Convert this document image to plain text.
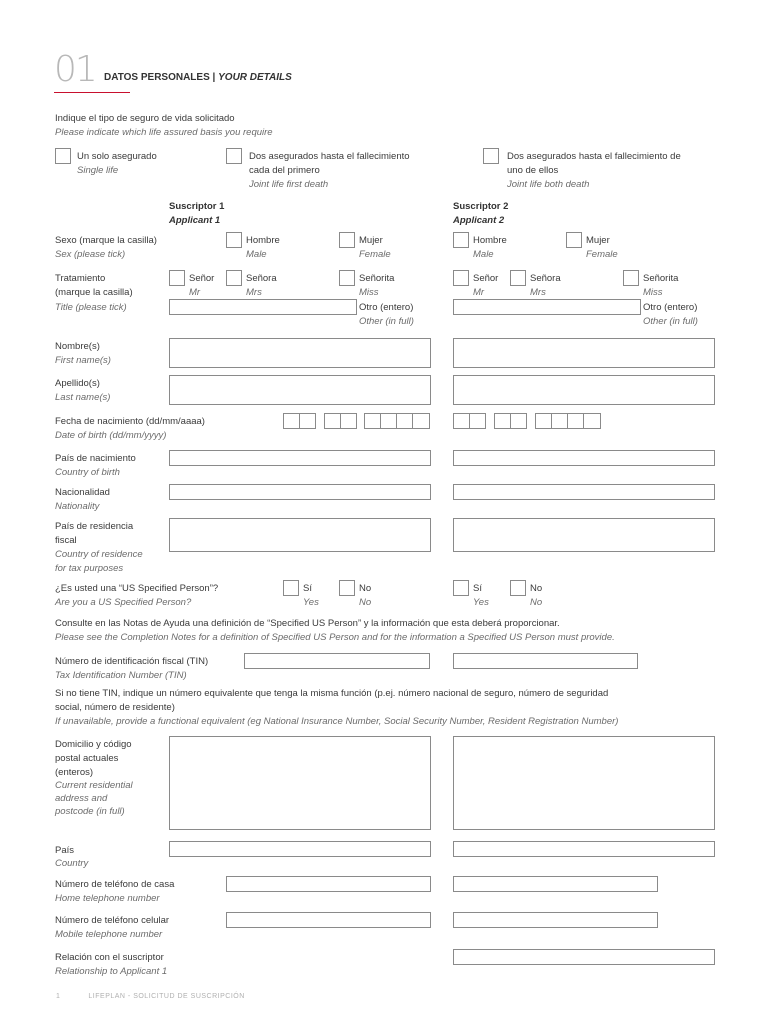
01 DATOS PERSONALES | YOUR DETAILS
Indique el tipo de seguro de vida solicitado
Please indicate which life assured basis you require
Un solo asegurado
Single life
Dos asegurados hasta el fallecimiento
cada del primero
Joint life first death
Dos asegurados hasta el fallecimiento de
uno de ellos
Joint life both death
Suscriptor 1
Applicant 1
Suscriptor 2
Applicant 2
Sexo (marque la casilla)
Sex (please tick)
Hombre
Male
Mujer
Female
Hombre
Male
Mujer
Female
Tratamiento
(marque la casilla)
Title (please tick)
Señor
Mr
Señora
Mrs
Señorita
Miss
Otro (entero)
Other (in full)
Señor
Mr
Señora
Mrs
Señorita
Miss
Otro (entero)
Other (in full)
Nombre(s)
First name(s)
Apellido(s)
Last name(s)
Fecha de nacimiento (dd/mm/aaaa)
Date of birth (dd/mm/yyyy)
País de nacimiento
Country of birth
Nacionalidad
Nationality
País de residencia
fiscal
Country of residence
for tax purposes
¿Es usted una “US Specified Person”?
Are you a US Specified Person?
Sí
Yes
No
No
Sí
Yes
No
No
Consulte en las Notas de Ayuda una definición de “Specified US Person” y la información que esta deberá proporcionar.
Please see the Completion Notes for a definition of Specified US Person and for the information a Specified US Person must provide.
Número de identificación fiscal (TIN)
Tax Identification Number (TIN)
Si no tiene TIN, indique un número equivalente que tenga la misma función (p.ej. número nacional de seguro, número de seguridad
social, número de residente)
If unavailable, provide a functional equivalent (eg National Insurance Number, Social Security Number, Resident Registration Number)
Domicilio y código
postal actuales
(enteros)
Current residential
address and
postcode (in full)
País
Country
Número de teléfono de casa
Home telephone number
Número de teléfono celular
Mobile telephone number
Relación con el suscriptor
Relationship to Applicant 1
1	LIFEPLAN - SOLICITUD DE SUSCRIPCIÓN
